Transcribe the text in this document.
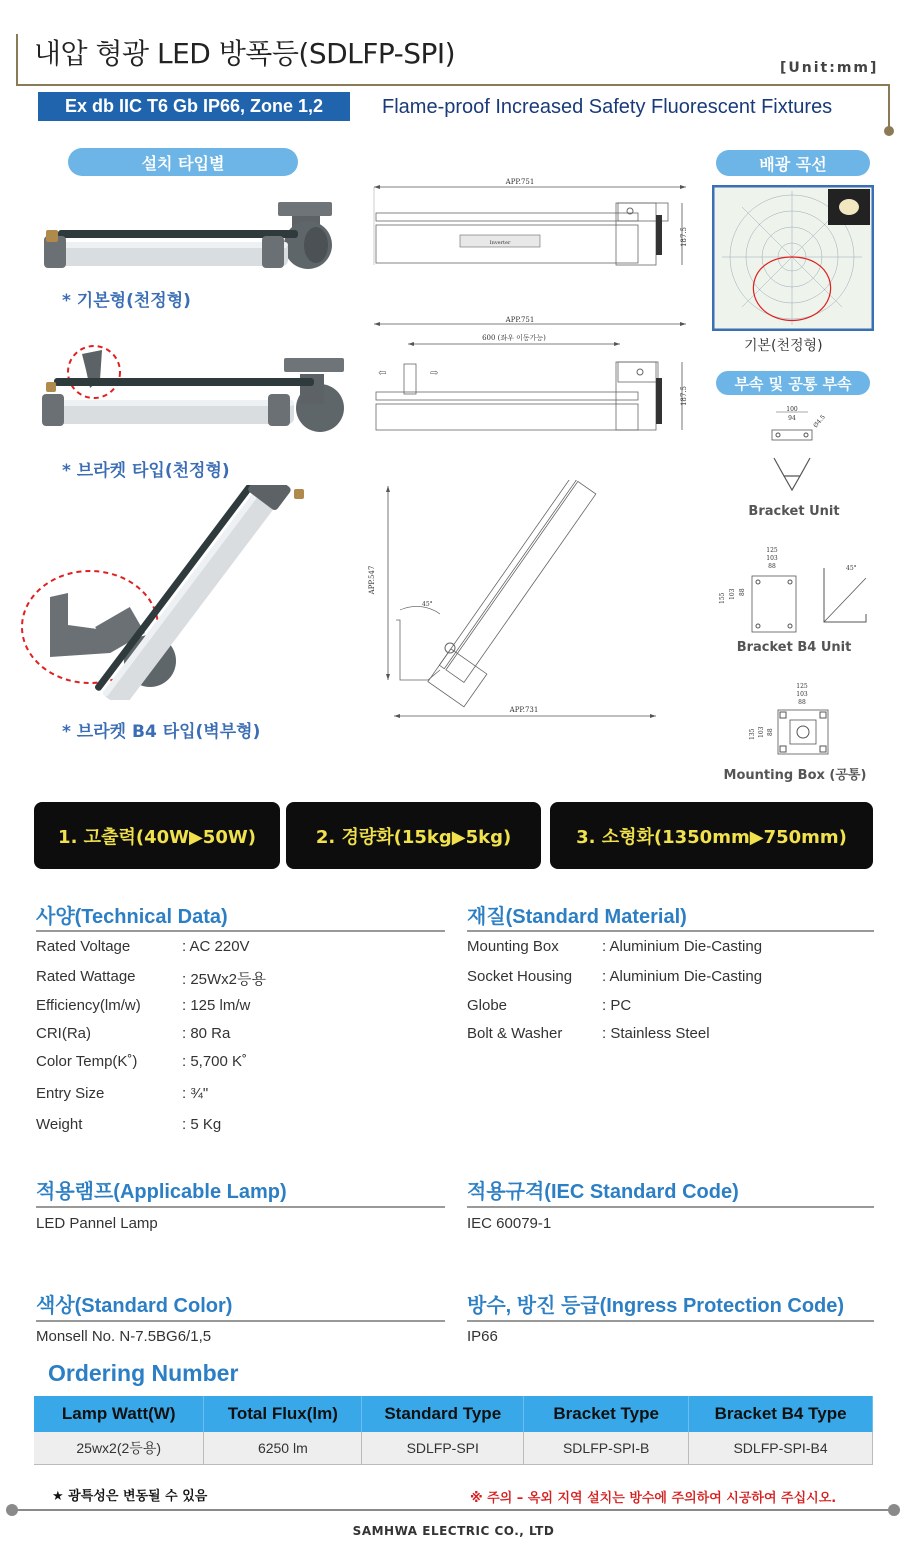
내압 형광 LED 방폭등(SDLFP-SPI)	[Unit:mm]
Ex db IIC T6 Gb IP66, Zone 1,2	Flame-proof Increased Safety Fluorescent Fixtures
설치 타입별
* 기본형(천정형)
* 브라켓 타입(천정형)
* 브라켓 B4 타입(벽부형)
APP.751
Inverter	187.5
APP.751
600 (좌우 이동가능)
⇦	⇨
187.5
APP.547
APP.731
45°
배광 곡선
기본(천정형)
부속 및 공통 부속
100
94	Ø4.5
Bracket Unit
125
103
88
155 103 88
45°
Bracket B4 Unit
125
103
88
135 103 88
Mounting Box (공통)
1. 고출력(40W▶50W)	2. 경량화(15kg▶5kg)	3. 소형화(1350mm▶750mm)
사양(Technical Data)
Rated Voltage	: AC 220V
Rated Wattage	: 25Wx2등용
Efficiency(lm/w)	: 125 lm/w
CRI(Ra)	: 80 Ra
Color Temp(K˚)	: 5,700 K˚
Entry Size	: ¾"
Weight	: 5 Kg
재질(Standard Material)
Mounting Box	: Aluminium Die-Casting
Socket Housing : Aluminium Die-Casting
Globe	: PC
Bolt & Washer	: Stainless Steel
적용램프(Applicable Lamp)
LED Pannel Lamp
적용규격(IEC Standard Code)
IEC 60079-1
색상(Standard Color)
Monsell No. N-7.5BG6/1,5
방수, 방진 등급(Ingress Protection Code)
IP66
Ordering Number
Lamp Watt(W)	Total Flux(lm)	Standard Type	Bracket Type	Bracket B4 Type
25wx2(2등용)	6250 lm	SDLFP-SPI	SDLFP-SPI-B	SDLFP-SPI-B4
★ 광특성은 변동될 수 있음	※ 주의 – 옥외 지역 설치는 방수에 주의하여 시공하여 주십시오.
SAMHWA ELECTRIC CO., LTD
